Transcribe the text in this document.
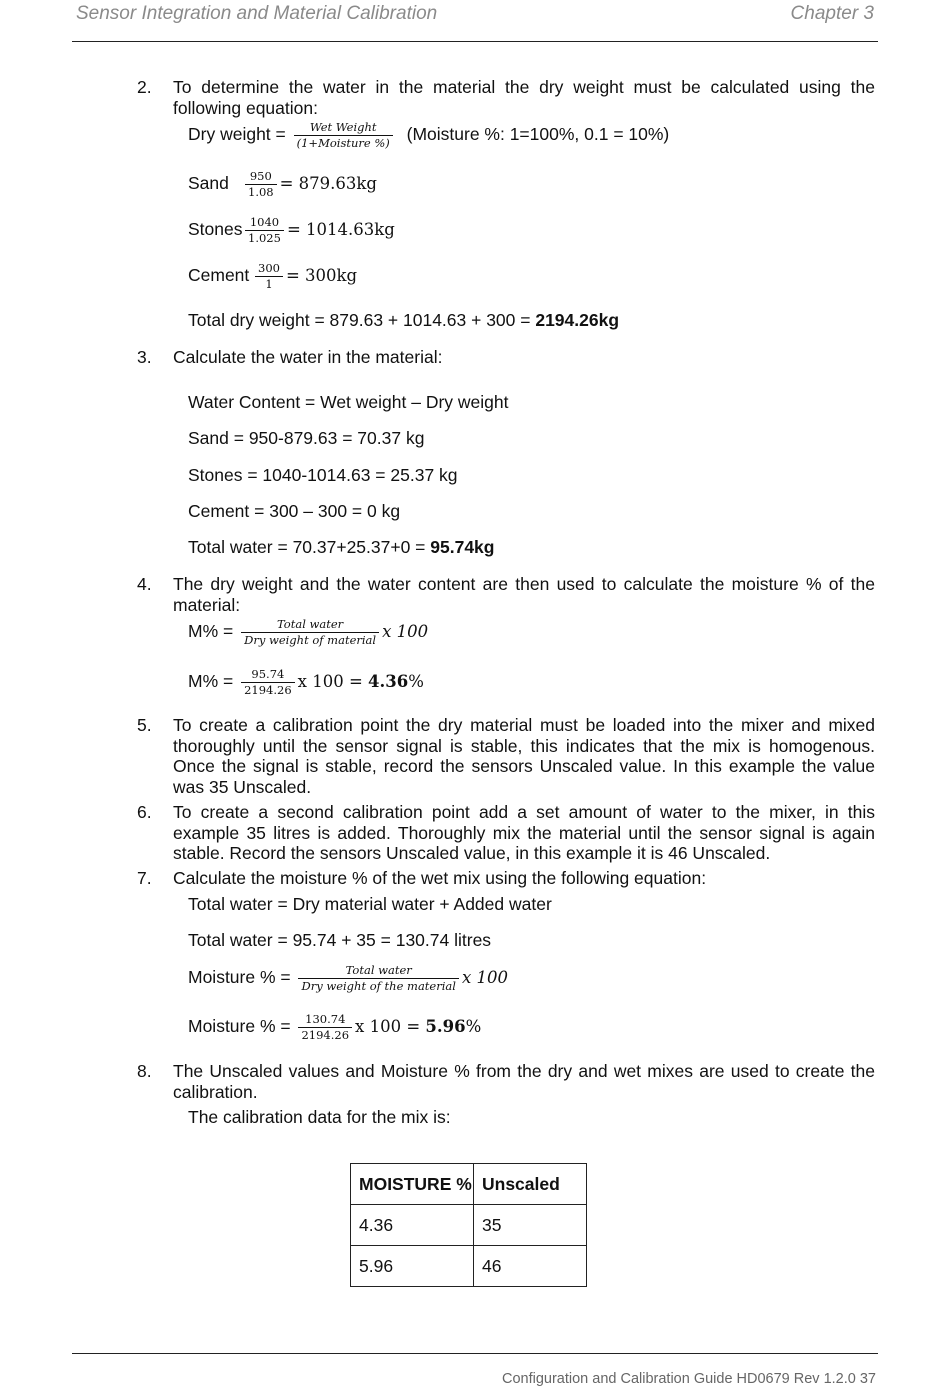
Sensor Integration and Material Calibration	Chapter 3
2. To determine the water in the material the dry weight must be calculated using the following equation:
Dry weight = $\frac{\text{Wet Weight}}{\text{(1+Moisture \%)}}$ (Moisture %: 1=100%, 0.1 = 10%)
Sand $\frac{950}{1.08} = 879.63kg$
Stones $\frac{1040}{1.025} = 1014.63kg$
Cement $\frac{300}{1} = 300kg$
Total dry weight = 879.63 + 1014.63 + 300 = 2194.26kg
3. Calculate the water in the material:
Water Content = Wet weight – Dry weight
Sand = 950-879.63 = 70.37 kg
Stones = 1040-1014.63 = 25.37 kg
Cement = 300 – 300 = 0 kg
Total water = 70.37+25.37+0 = 95.74kg
4. The dry weight and the water content are then used to calculate the moisture % of the material:
$M\% = \frac{\text{Total water}}{\text{Dry weight of material}}$ x 100
$M\% = \frac{95.74}{2194.26}$ x 100 = 4.36%
5. To create a calibration point the dry material must be loaded into the mixer and mixed thoroughly until the sensor signal is stable, this indicates that the mix is homogenous. Once the signal is stable, record the sensors Unscaled value. In this example the value was 35 Unscaled.
6. To create a second calibration point add a set amount of water to the mixer, in this example 35 litres is added. Thoroughly mix the material until the sensor signal is again stable. Record the sensors Unscaled value, in this example it is 46 Unscaled.
7. Calculate the moisture % of the wet mix using the following equation:
Total water = Dry material water + Added water
Total water = 95.74 + 35 = 130.74 litres
Moisture % = $\frac{\text{Total water}}{\text{Dry weight of the material}}$ x 100
Moisture % = $\frac{130.74}{2194.26}$ x 100 = 5.96%
8. The Unscaled values and Moisture % from the dry and wet mixes are used to create the calibration.
The calibration data for the mix is:
MOISTURE %	Unscaled
4.36	35
5.96	46
Configuration and Calibration Guide HD0679 Rev 1.2.0 37
